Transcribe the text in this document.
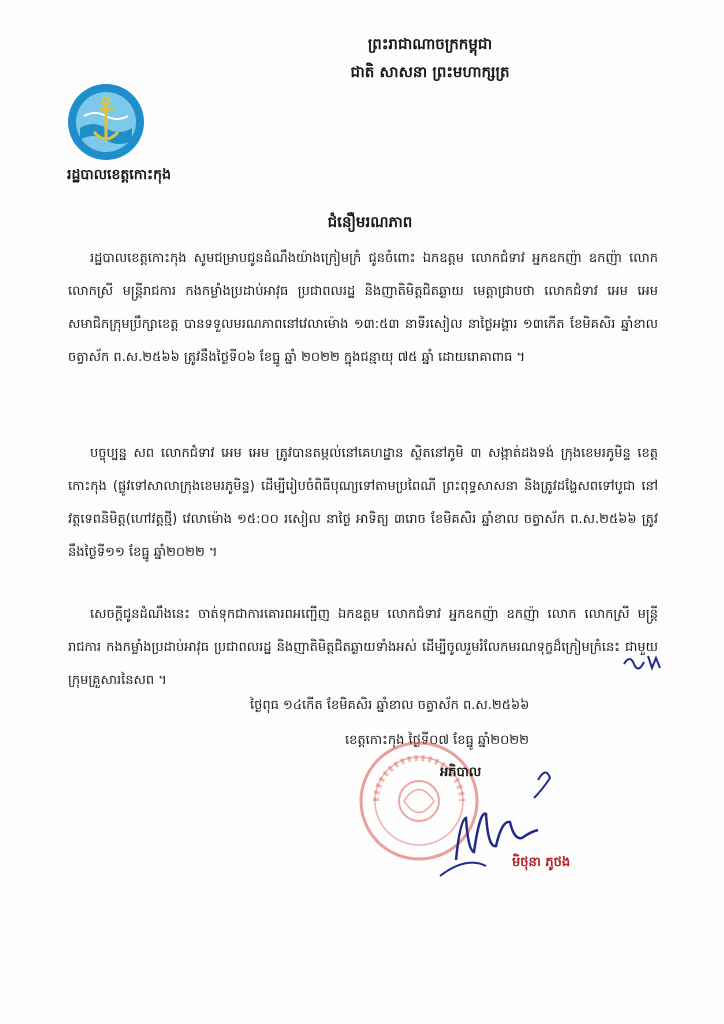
ព្រះរាជាណាចក្រកម្ពុជា
ជាតិ សាសនា ព្រះមហាក្សត្រ
រដ្ឋបាលខេត្តកោះកុង
ជំនឿមរណភាព

រដ្ឋបាលខេត្តកោះកុង សូមជម្រាបជូនដំណឹងយ៉ាងក្រៀមក្រំ ជូនចំពោះ ឯកឧត្តម លោកជំទាវ អ្នកឧកញ៉ា ឧកញ៉ា លោក លោកស្រី មន្ត្រីរាជការ កងកម្លាំងប្រដាប់អាវុធ ប្រជាពលរដ្ឋ និងញាតិមិត្តជិតឆ្ងាយ មេត្តាជ្រាបថា លោកជំទាវ អេម អេម សមាជិកក្រុមប្រឹក្សាខេត្ត បានទទួលមរណភាពនៅវេលាម៉ោង ១៣:៥៣ នាទីរសៀល នាថ្ងៃអង្គារ ១៣កើត ខែមិគសិរ ឆ្នាំខាល ចត្វាស័ក ព.ស.២៥៦៦ ត្រូវនឹងថ្ងៃទី០៦ ខែធ្នូ ឆ្នាំ ២០២២ ក្នុងជន្មាយុ ៧៥ ឆ្នាំ ដោយរោគាពាធ ។

បច្ចុប្បន្ន សព លោកជំទាវ អេម អេម ត្រូវបានតម្កល់នៅគេហដ្ឋាន ស្ថិតនៅភូមិ ៣ សង្កាត់ដងទង់ ក្រុងខេមរភូមិន្ទ ខេត្តកោះកុង (ផ្លូវទៅសាលាក្រុងខេមរភូមិន្ទ) ដើម្បីរៀបចំពិធីបុណ្យទៅតាមប្រពៃណី ព្រះពុទ្ធសាសនា និងត្រូវដង្ហែសពទៅបូជា នៅវត្តទេពនិមិត្ត(ហៅវត្តថ្មី) វេលាម៉ោង ១៥:០០ រសៀល នាថ្ងៃ អាទិត្យ ៣រោច ខែមិគសិរ ឆ្នាំខាល ចត្វាស័ក ព.ស.២៥៦៦ ត្រូវនឹងថ្ងៃទី១១ ខែធ្នូ ឆ្នាំ២០២២ ។

សេចក្តីជូនដំណឹងនេះ ចាត់ទុកជាការគោរពអញ្ជើញ ឯកឧត្តម លោកជំទាវ អ្នកឧកញ៉ា ឧកញ៉ា លោក លោកស្រី មន្ត្រីរាជការ កងកម្លាំងប្រដាប់អាវុធ ប្រជាពលរដ្ឋ និងញាតិមិត្តជិតឆ្ងាយទាំងអស់ ដើម្បីចូលរួមរំលែកមរណទុក្ខដ៏ក្រៀមក្រំនេះ ជាមួយក្រុមគ្រួសារនៃសព ។

ថ្ងៃពុធ ១៤កើត ខែមិគសិរ ឆ្នាំខាល ចត្វាស័ក ព.ស.២៥៦៦
ខេត្តកោះកុង ថ្ងៃទី០៧ ខែធ្នូ ឆ្នាំ២០២២
អភិបាល
មិថុនា ភូថង
